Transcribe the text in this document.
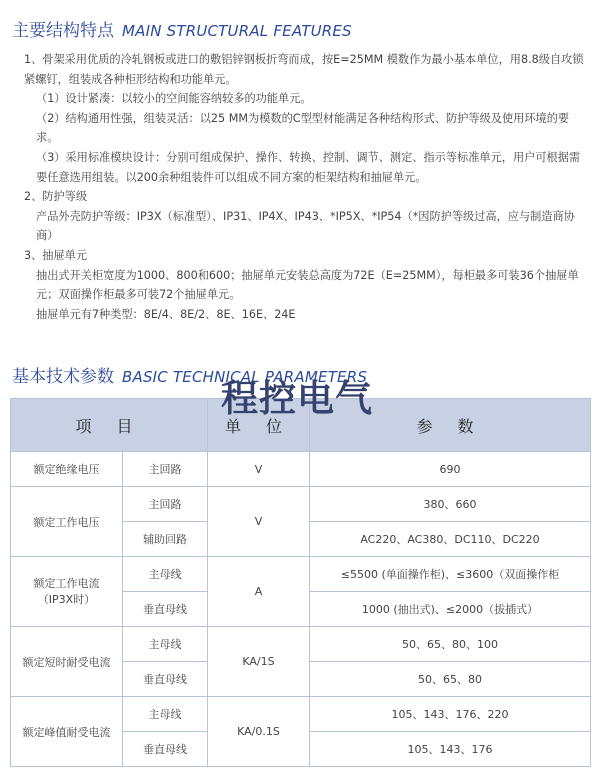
主要结构特点 MAIN STRUCTURAL FEATURES

1、骨架采用优质的冷轧钢板或进口的敷铝锌钢板折弯而成，按E=25MM 模数作为最小基本单位，用8.8级自攻锁紧螺钉，组装成各种柜形结构和功能单元。

（1）设计紧凑：以较小的空间能容纳较多的功能单元。

（2）结构通用性强，组装灵活：以25 MM为模数的C型型材能满足各种结构形式、防护等级及使用环境的要求。

（3）采用标准模块设计：分别可组成保护、操作、转换、控制、调节、测定、指示等标准单元，用户可根据需要任意选用组装。以200余种组装件可以组成不同方案的柜架结构和抽屉单元。

2、防护等级

产品外壳防护等级：IP3X（标准型）、IP31、IP4X、IP43、*IP5X、*IP54（*因防护等级过高，应与制造商协商）

3、抽屉单元

抽出式开关柜宽度为1000、800和600；抽屉单元安装总高度为72E（E=25MM），每柜最多可装36个抽屉单元；双面操作柜最多可装72个抽屉单元。

抽屉单元有7种类型：8E/4、8E/2、8E、16E、24E

基本技术参数 BASIC TECHNICAL PARAMETERS
项 目		单 位	参 数
额定绝缘电压	主回路	V	690
额定工作电压	主回路	V	380、660
	辅助回路		AC220、AC380、DC110、DC220

额定工作电流
（IP3X时）	主母线	A	≤5500 (单面操作柜)、≤3600（双面操作柜
	垂直母线		1000 (抽出式)、≤2000（拔插式）
额定短时耐受电流	主母线	KA/1S	50、65、80、100
	垂直母线		50、65、80
额定峰值耐受电流	主母线	KA/0.1S	105、143、176、220
	垂直母线		105、143、176
程控电气
